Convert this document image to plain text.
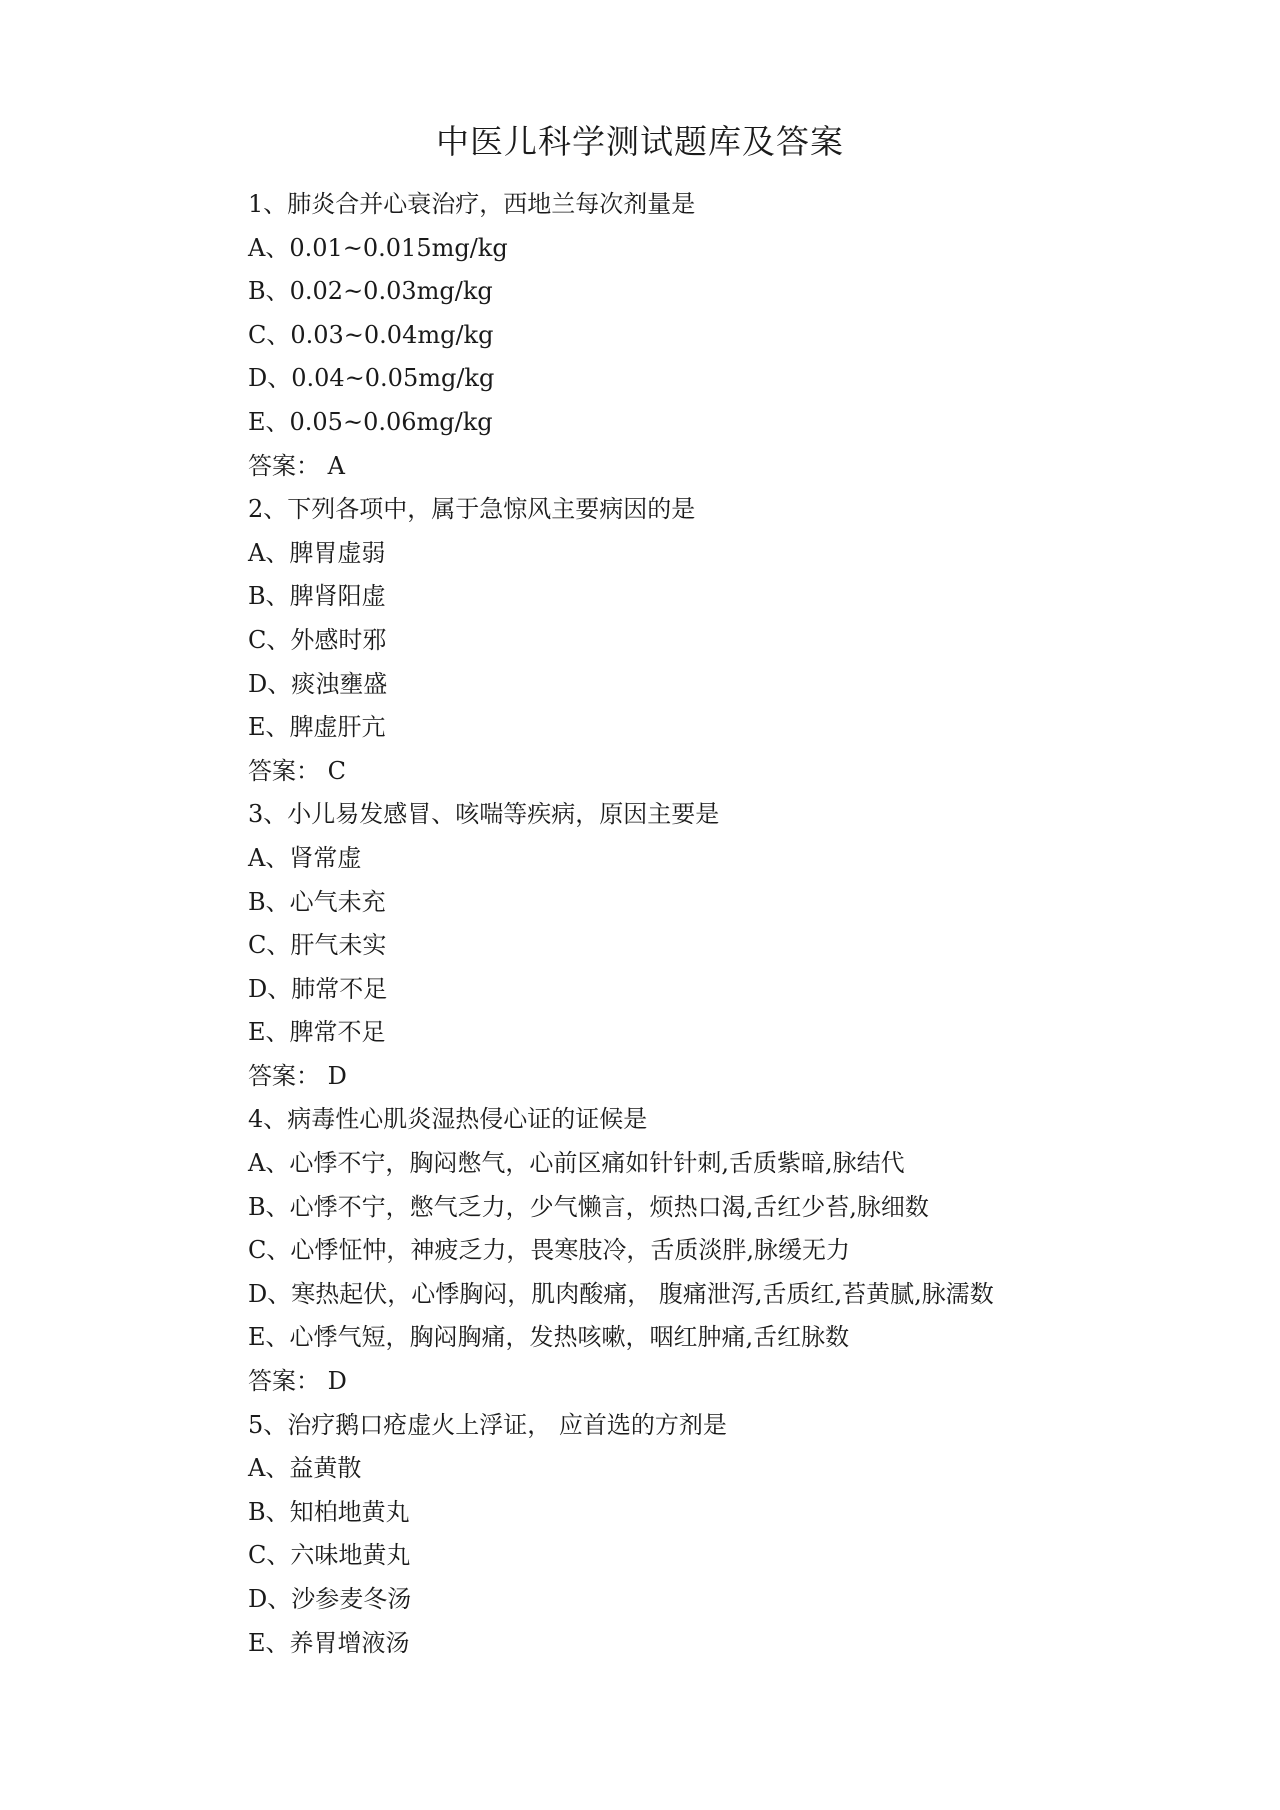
中医儿科学测试题库及答案
1、肺炎合并心衰治疗，西地兰每次剂量是
A、0.01~0.015mg/kg
B、0.02~0.03mg/kg
C、0.03~0.04mg/kg
D、0.04~0.05mg/kg
E、0.05~0.06mg/kg
答案： A
2、下列各项中，属于急惊风主要病因的是
A、脾胃虚弱
B、脾肾阳虚
C、外感时邪
D、痰浊壅盛
E、脾虚肝亢
答案： C
3、小儿易发感冒、咳喘等疾病，原因主要是
A、肾常虚
B、心气未充
C、肝气未实
D、肺常不足
E、脾常不足
答案： D
4、病毒性心肌炎湿热侵心证的证候是
A、心悸不宁，胸闷憋气，心前区痛如针针刺,舌质紫暗,脉结代
B、心悸不宁，憋气乏力，少气懒言，烦热口渴,舌红少苔,脉细数
C、心悸怔忡，神疲乏力，畏寒肢冷，舌质淡胖,脉缓无力
D、寒热起伏，心悸胸闷，肌肉酸痛， 腹痛泄泻,舌质红,苔黄腻,脉濡数
E、心悸气短，胸闷胸痛，发热咳嗽，咽红肿痛,舌红脉数
答案： D
5、治疗鹅口疮虚火上浮证， 应首选的方剂是
A、益黄散
B、知柏地黄丸
C、六味地黄丸
D、沙参麦冬汤
E、养胃增液汤
